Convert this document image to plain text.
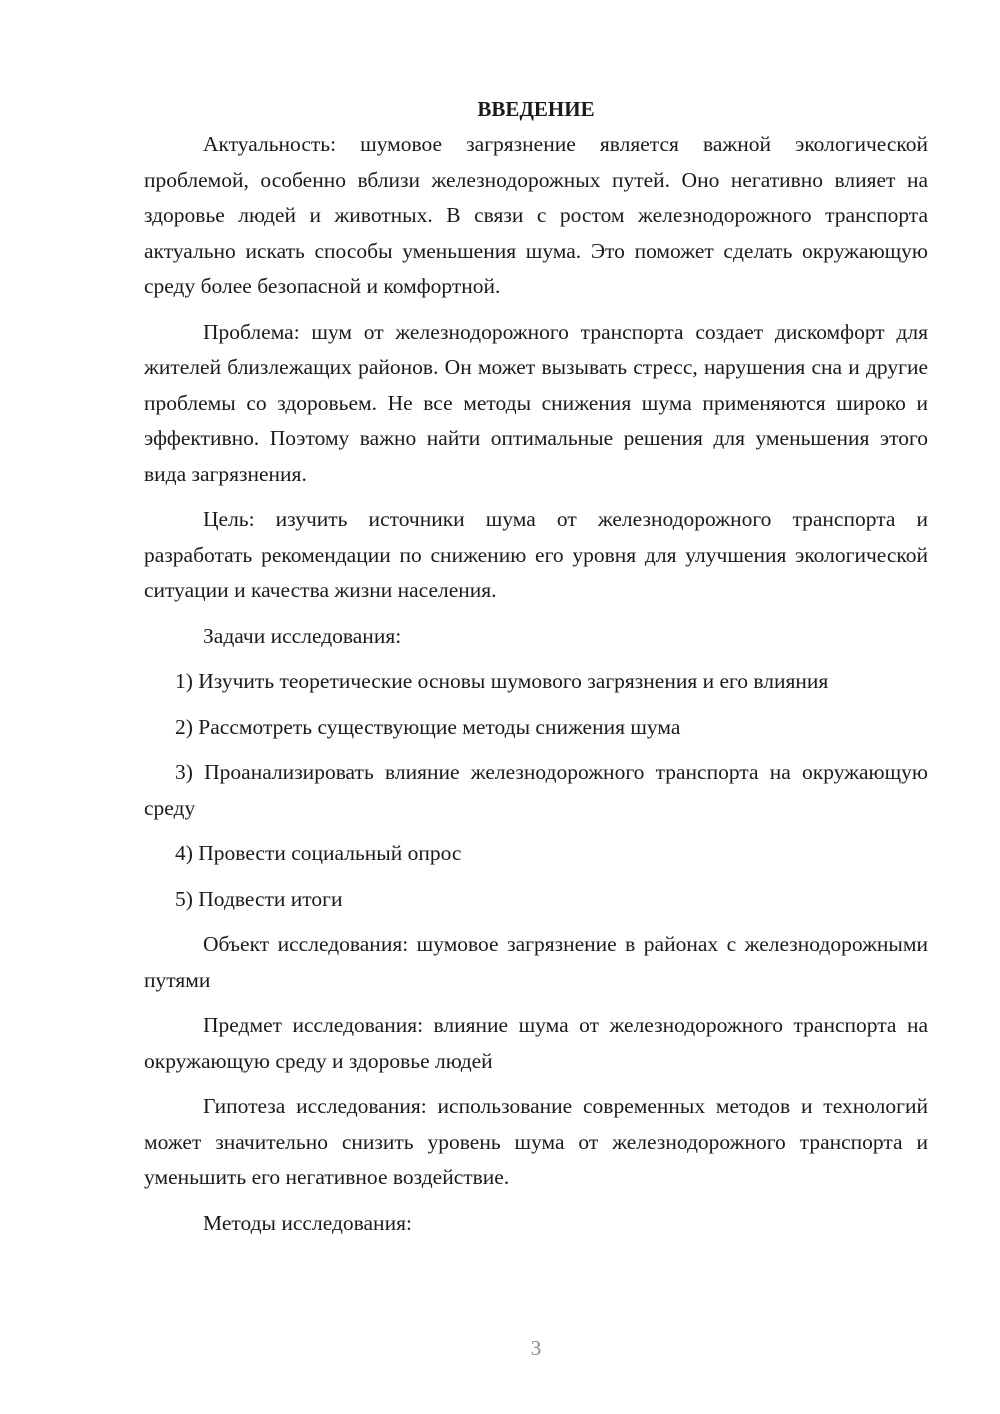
ВВЕДЕНИЕ

Актуальность: шумовое загрязнение является важной экологической проблемой, особенно вблизи железнодорожных путей. Оно негативно влияет на здоровье людей и животных. В связи с ростом железнодорожного транспорта актуально искать способы уменьшения шума. Это поможет сделать окружающую среду более безопасной и комфортной.

Проблема: шум от железнодорожного транспорта создает дискомфорт для жителей близлежащих районов. Он может вызывать стресс, нарушения сна и другие проблемы со здоровьем. Не все методы снижения шума применяются широко и эффективно. Поэтому важно найти оптимальные решения для уменьшения этого вида загрязнения.

Цель: изучить источники шума от железнодорожного транспорта и разработать рекомендации по снижению его уровня для улучшения экологической ситуации и качества жизни населения.

Задачи исследования:

1) Изучить теоретические основы шумового загрязнения и его влияния

2) Рассмотреть существующие методы снижения шума

3) Проанализировать влияние железнодорожного транспорта на окружающую среду

4) Провести социальный опрос

5) Подвести итоги

Объект исследования: шумовое загрязнение в районах с железнодорожными путями

Предмет исследования: влияние шума от железнодорожного транспорта на окружающую среду и здоровье людей

Гипотеза исследования: использование современных методов и технологий может значительно снизить уровень шума от железнодорожного транспорта и уменьшить его негативное воздействие.

Методы исследования:

3
